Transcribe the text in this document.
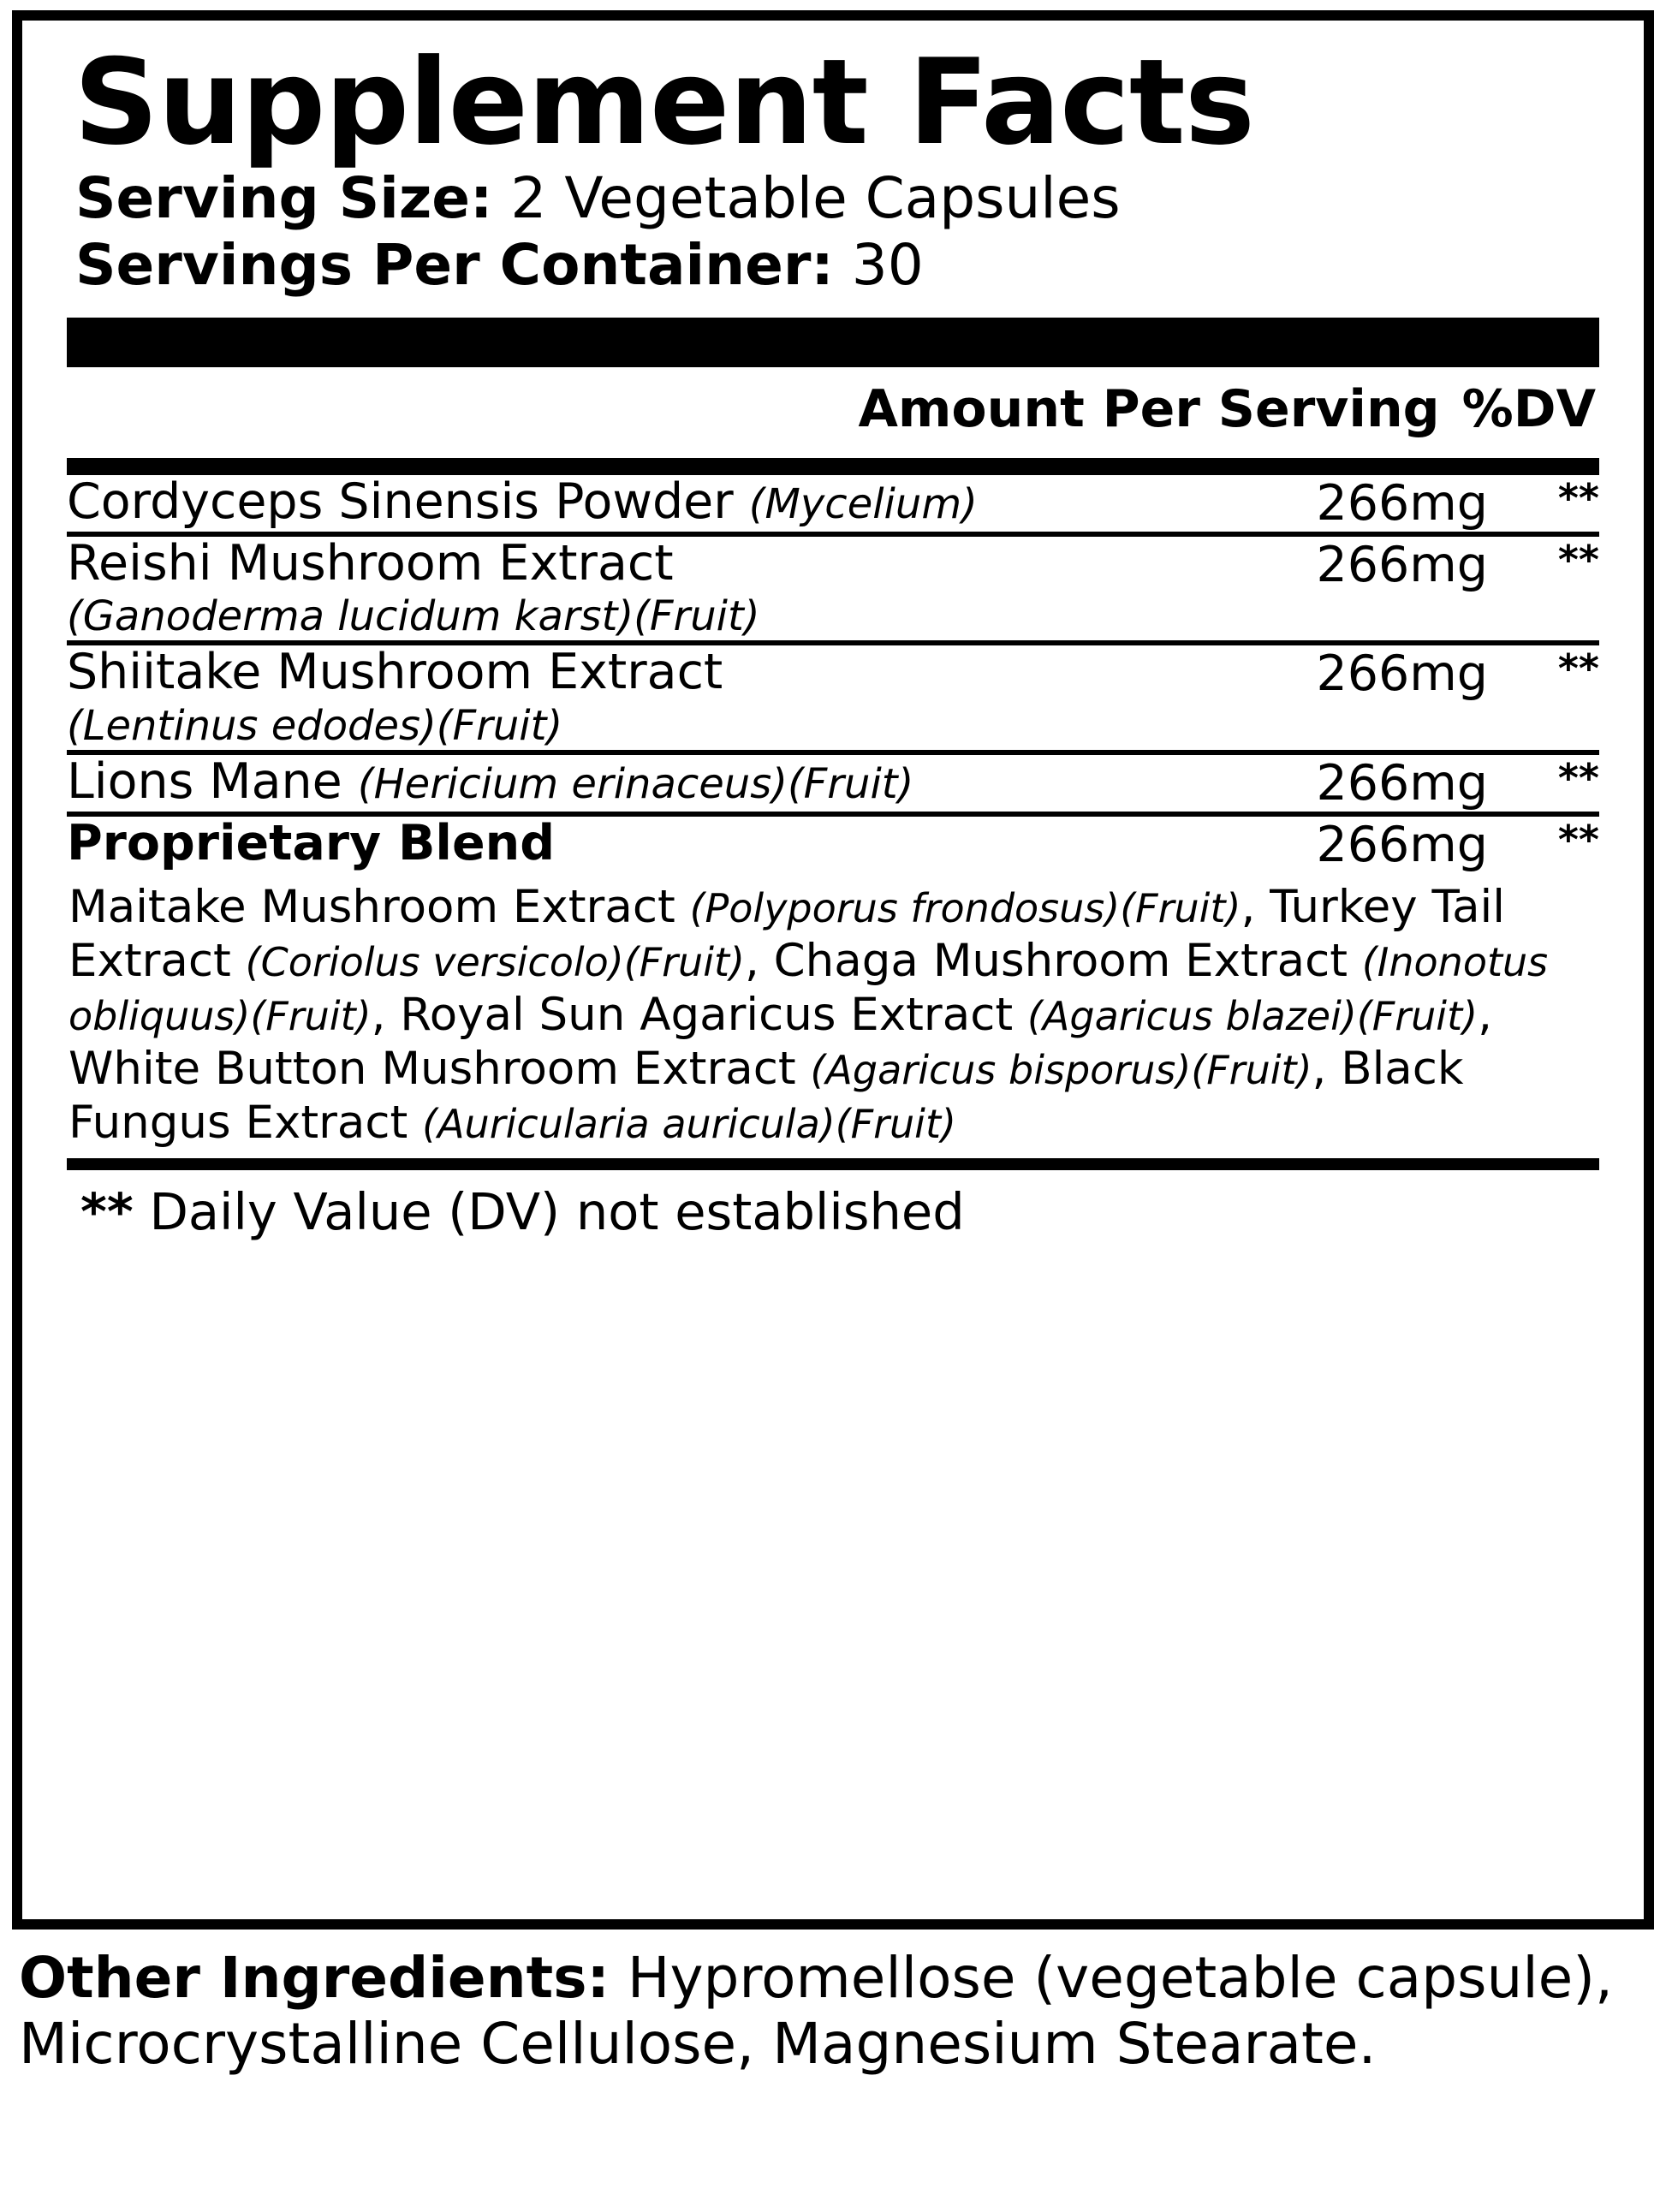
Supplement Facts
Serving Size: 2 Vegetable Capsules
Servings Per Container: 30
Amount Per Serving %DV
Cordyceps Sinensis Powder (Mycelium)	266mg	**

Reishi Mushroom Extract
(Ganoderma lucidum karst)(Fruit)	266mg	**

Shiitake Mushroom Extract
(Lentinus edodes)(Fruit)	266mg	**

Lions Mane (Hericium erinaceus)(Fruit)	266mg	**

Proprietary Blend	266mg	**

Maitake Mushroom Extract (Polyporus frondosus)(Fruit), Turkey Tail Extract (Coriolus versicolo)(Fruit), Chaga Mushroom Extract (Inonotus obliquus)(Fruit), Royal Sun Agaricus Extract (Agaricus blazei)(Fruit), White Button Mushroom Extract (Agaricus bisporus)(Fruit), Black Fungus Extract (Auricularia auricula)(Fruit)		
** Daily Value (DV) not established
Other Ingredients: Hypromellose (vegetable capsule), Microcrystalline Cellulose, Magnesium Stearate.
